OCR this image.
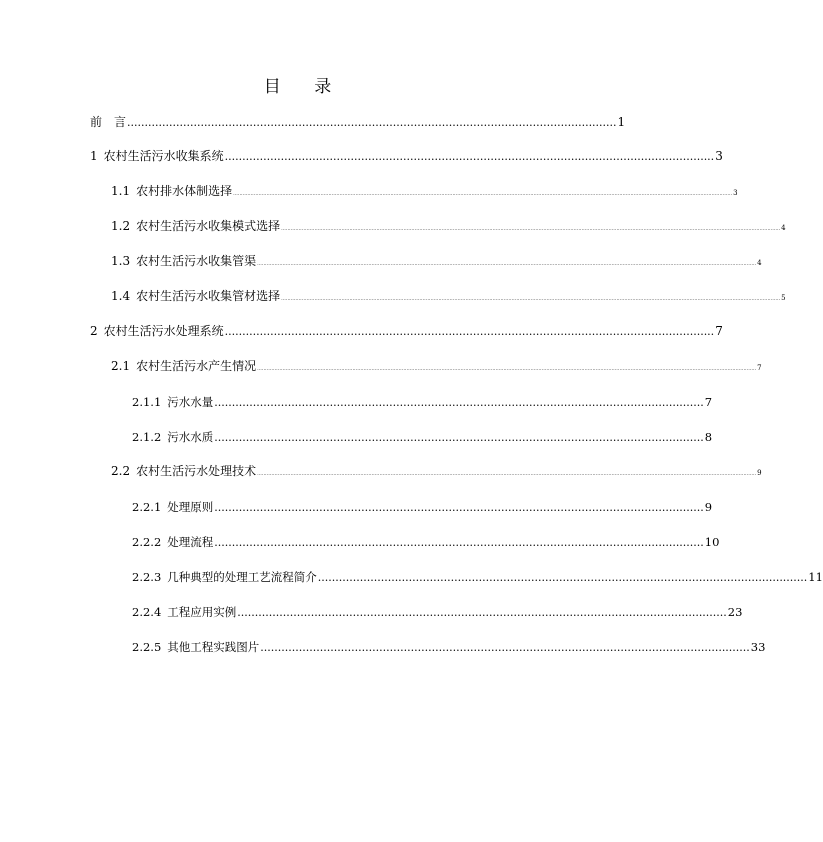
目 录
前　言 ............................................................................................................................................ 1
1 农村生活污水收集系统 ............................................................................................................................................ 3
1.1 农村排水体制选择 .......................................................................................................................................................................................................................................................................................................................... 3
1.2 农村生活污水收集模式选择 .......................................................................................................................................................................................................................................................................................................................... 4
1.3 农村生活污水收集管渠 .......................................................................................................................................................................................................................................................................................................................... 4
1.4 农村生活污水收集管材选择 .......................................................................................................................................................................................................................................................................................................................... 5
2 农村生活污水处理系统 ............................................................................................................................................ 7
2.1 农村生活污水产生情况 .......................................................................................................................................................................................................................................................................................................................... 7
2.1.1 污水水量 ............................................................................................................................................ 7
2.1.2 污水水质 ............................................................................................................................................ 8
2.2 农村生活污水处理技术 .......................................................................................................................................................................................................................................................................................................................... 9
2.2.1 处理原则 ............................................................................................................................................ 9
2.2.2 处理流程 ............................................................................................................................................ 10
2.2.3 几种典型的处理工艺流程简介 ............................................................................................................................................ 11
2.2.4 工程应用实例 ............................................................................................................................................ 23
2.2.5 其他工程实践图片 ............................................................................................................................................ 33
